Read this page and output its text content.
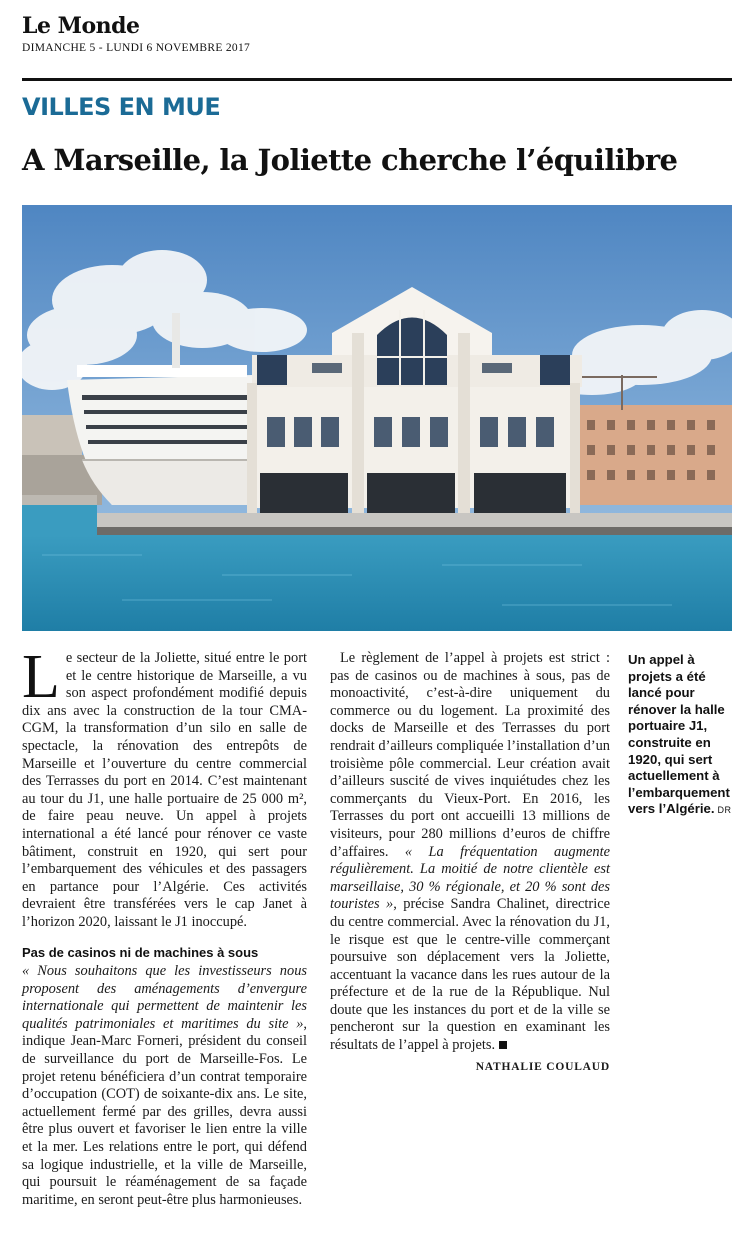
Le Monde
DIMANCHE 5 - LUNDI 6 NOVEMBRE 2017
VILLES EN MUE
A Marseille, la Joliette cherche l’équilibre

Le secteur de la Joliette, situé entre le port et le centre historique de Marseille, a vu son aspect profondément modifié depuis dix ans avec la construction de la tour CMA-CGM, la transformation d’un silo en salle de spectacle, la rénovation des entrepôts de Marseille et l’ouverture du centre commercial des Terrasses du port en 2014. C’est maintenant au tour du J1, une halle portuaire de 25 000 m², de faire peau neuve. Un appel à projets international a été lancé pour rénover ce vaste bâtiment, construit en 1920, qui sert pour l’embarquement des véhicules et des passagers en partance pour l’Algérie. Ces activités devraient être transférées vers le cap Janet à l’horizon 2020, laissant le J1 inoccupé.

Pas de casinos ni de machines à sous

« Nous souhaitons que les investisseurs nous proposent des aménagements d’envergure internationale qui permettent de maintenir les qualités patrimoniales et maritimes du site », indique Jean-Marc Forneri, président du conseil de surveillance du port de Marseille-Fos. Le projet retenu bénéficiera d’un contrat temporaire d’occupation (COT) de soixante-dix ans. Le site, actuellement fermé par des grilles, devra aussi être plus ouvert et favoriser le lien entre la ville et la mer. Les relations entre le port, qui défend sa logique industrielle, et la ville de Marseille, qui poursuit le réaménagement de sa façade maritime, en seront peut-être plus harmonieuses.

Le règlement de l’appel à projets est strict : pas de casinos ou de machines à sous, pas de monoactivité, c’est-à-dire uniquement du commerce ou du logement. La proximité des docks de Marseille et des Terrasses du port rendrait d’ailleurs compliquée l’installation d’un troisième pôle commercial. Leur création avait d’ailleurs suscité de vives inquiétudes chez les commerçants du Vieux-Port. En 2016, les Terrasses du port ont accueilli 13 millions de visiteurs, pour 280 millions d’euros de chiffre d’affaires. « La fréquentation augmente régulièrement. La moitié de notre clientèle est marseillaise, 30 % régionale, et 20 % sont des touristes », précise Sandra Chalinet, directrice du centre commercial. Avec la rénovation du J1, le risque est que le centre-ville commerçant poursuive son déplacement vers la Joliette, accentuant la vacance dans les rues autour de la préfecture et de la rue de la République. Nul doute que les instances du port et de la ville se pencheront sur la question en examinant les résultats de l’appel à projets.

NATHALIE COULAUD
Un appel à projets a été lancé pour rénover la halle portuaire J1, construite en 1920, qui sert actuellement à l’embarquement vers l’Algérie. DR
